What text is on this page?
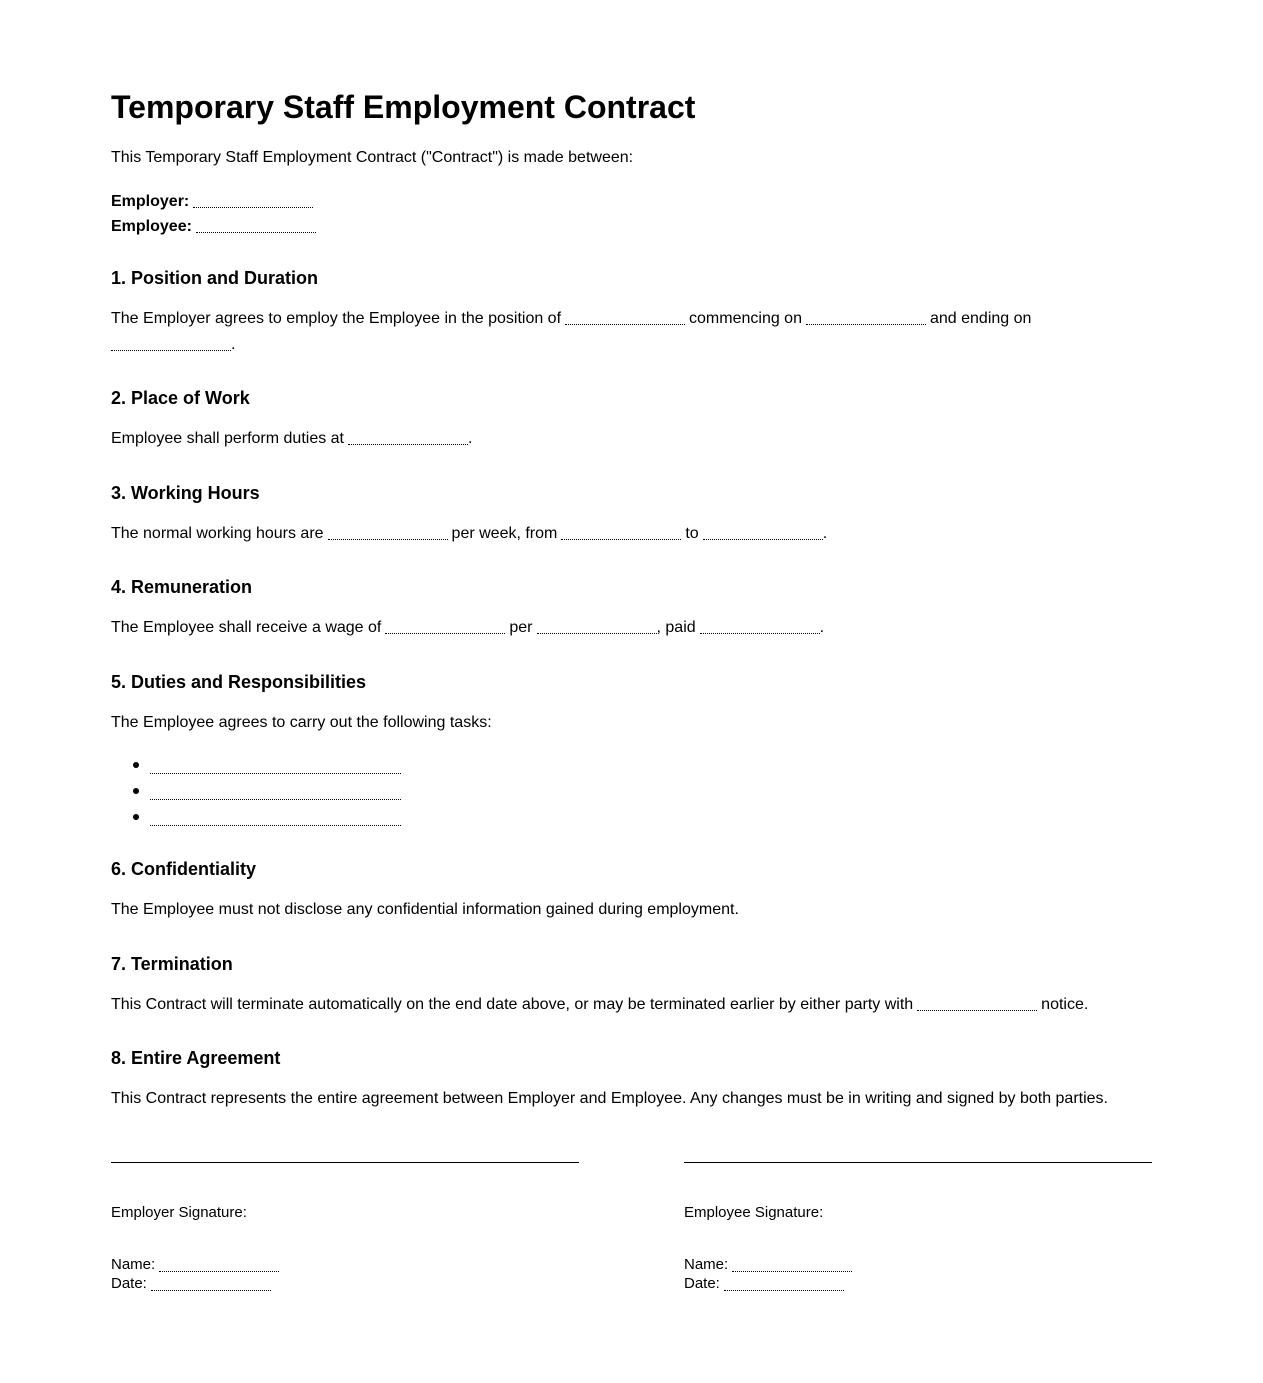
Temporary Staff Employment Contract

This Temporary Staff Employment Contract ("Contract") is made between:

Employer:
Employee:
1. Position and Duration
The Employer agrees to employ the Employee in the position of	commencing on	and ending on
.
2. Place of Work
Employee shall perform duties at	.
3. Working Hours
The normal working hours are	per week, from	to	.
4. Remuneration
The Employee shall receive a wage of	per	, paid	.
5. Duties and Responsibilities
The Employee agrees to carry out the following tasks:
6. Confidentiality
The Employee must not disclose any confidential information gained during employment.
7. Termination
This Contract will terminate automatically on the end date above, or may be terminated earlier by either party with	notice.
8. Entire Agreement
This Contract represents the entire agreement between Employer and Employee. Any changes must be in writing and signed by both parties.
Employer Signature:
Name:
Date:
Employee Signature:
Name:
Date:
